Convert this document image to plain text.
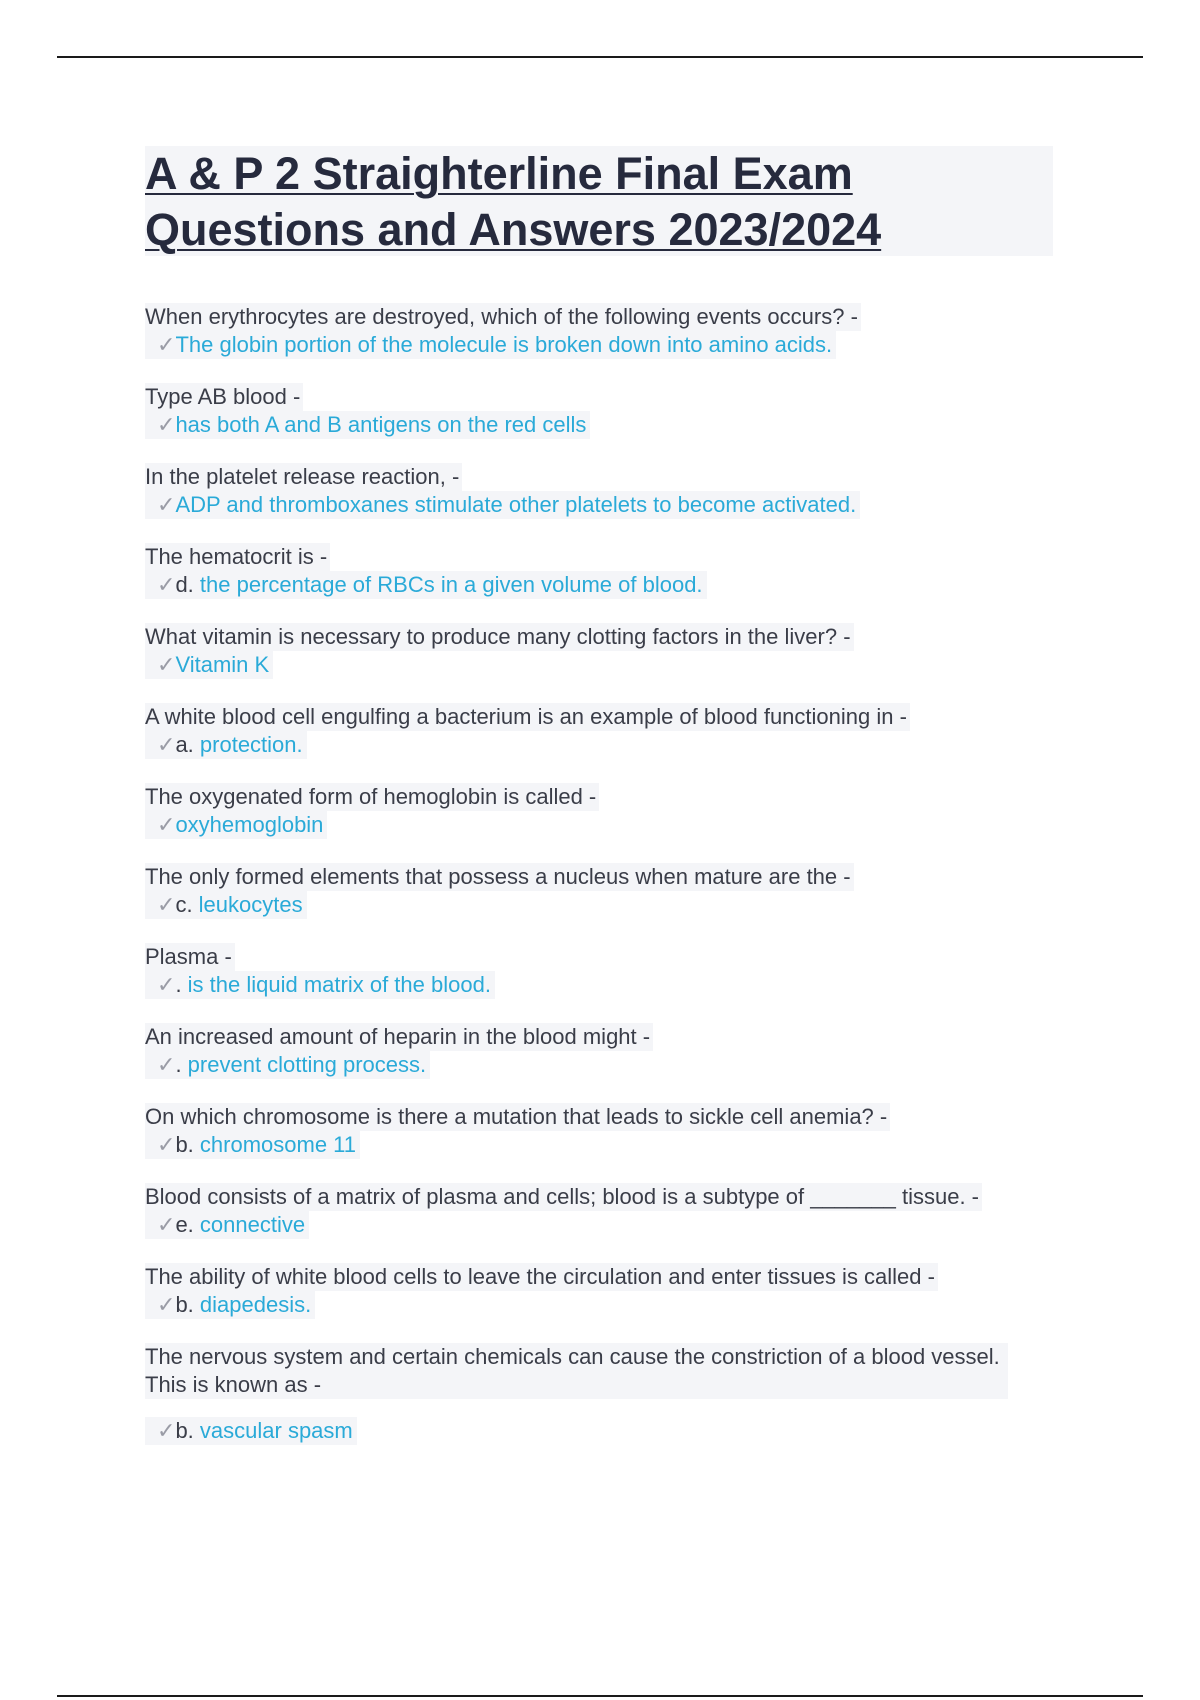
A & P 2 Straighterline Final Exam Questions and Answers 2023/2024
When erythrocytes are destroyed, which of the following events occurs? -
✓The globin portion of the molecule is broken down into amino acids.
Type AB blood -
✓has both A and B antigens on the red cells
In the platelet release reaction, -
✓ADP and thromboxanes stimulate other platelets to become activated.
The hematocrit is -
✓d. the percentage of RBCs in a given volume of blood.
What vitamin is necessary to produce many clotting factors in the liver? -
✓Vitamin K
A white blood cell engulfing a bacterium is an example of blood functioning in -
✓a. protection.
The oxygenated form of hemoglobin is called -
✓oxyhemoglobin
The only formed elements that possess a nucleus when mature are the -
✓c. leukocytes
Plasma -
✓. is the liquid matrix of the blood.
An increased amount of heparin in the blood might -
✓. prevent clotting process.
On which chromosome is there a mutation that leads to sickle cell anemia? -
✓b. chromosome 11
Blood consists of a matrix of plasma and cells; blood is a subtype of _______ tissue. -
✓e. connective
The ability of white blood cells to leave the circulation and enter tissues is called -
✓b. diapedesis.
The nervous system and certain chemicals can cause the constriction of a blood vessel. This is known as -

✓b. vascular spasm
